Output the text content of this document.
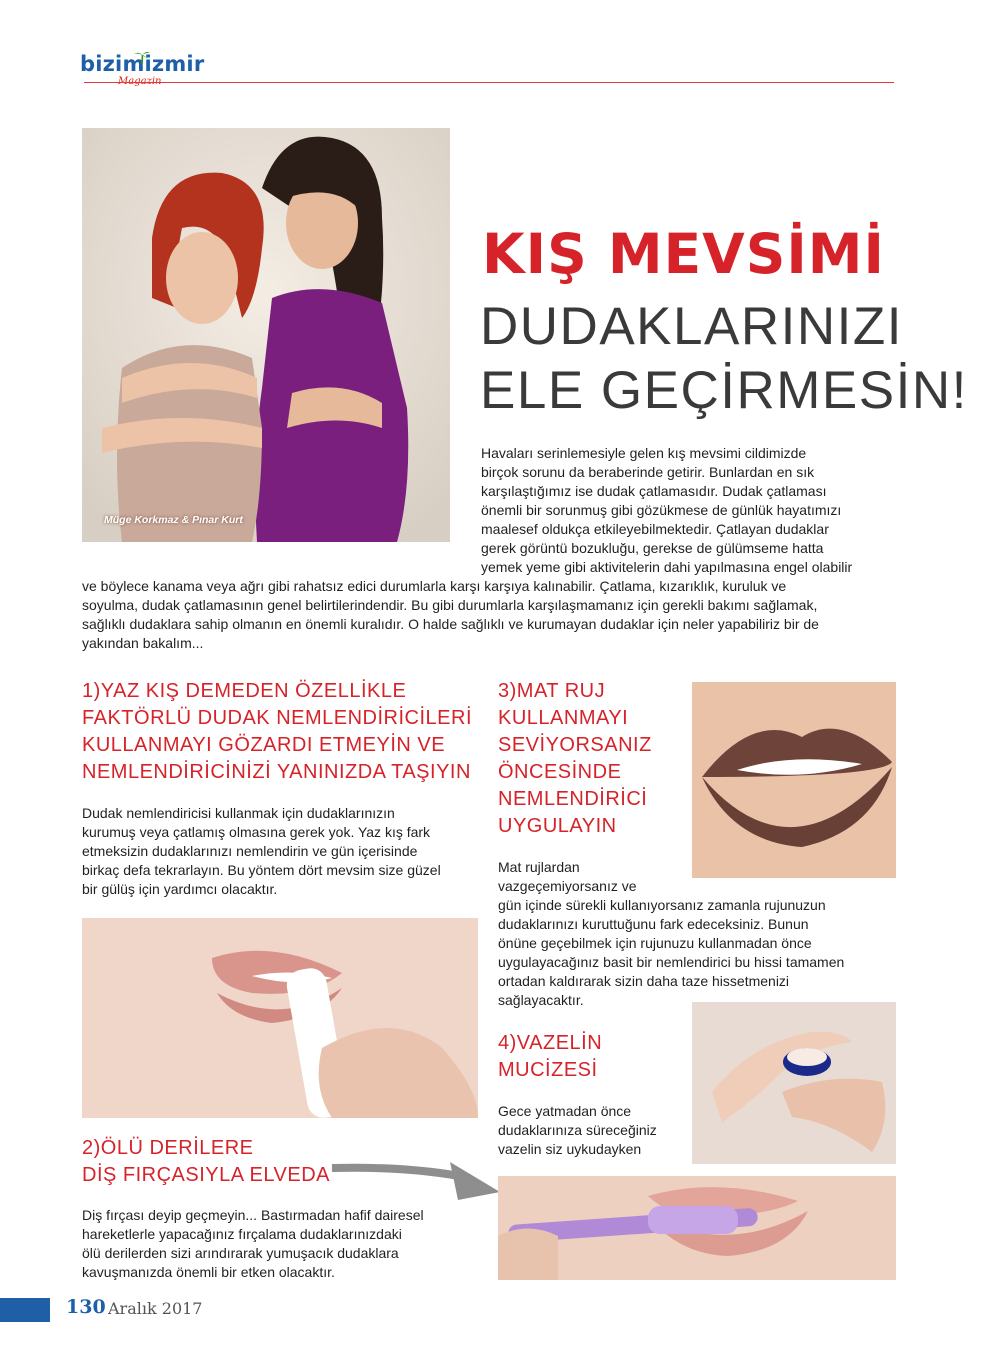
bizimizmir
Müge Korkmaz & Pınar Kurt
KIŞ MEVSİMİ
DUDAKLARINIZI
ELE GEÇİRMESİN!
Havaları serinlemesiyle gelen kış mevsimi cildimizde
birçok sorunu da beraberinde getirir. Bunlardan en sık
karşılaştığımız ise dudak çatlamasıdır. Dudak çatlaması
önemli bir sorunmuş gibi gözükmese de günlük hayatımızı
maalesef oldukça etkileyebilmektedir. Çatlayan dudaklar
gerek görüntü bozukluğu, gerekse de gülümseme hatta
yemek yeme gibi aktivitelerin dahi yapılmasına engel olabilir
ve böylece kanama veya ağrı gibi rahatsız edici durumlarla karşı karşıya kalınabilir. Çatlama, kızarıklık, kuruluk ve
soyulma, dudak çatlamasının genel belirtilerindendir. Bu gibi durumlarla karşılaşmamanız için gerekli bakımı sağlamak,
sağlıklı dudaklara sahip olmanın en önemli kuralıdır. O halde sağlıklı ve kurumayan dudaklar için neler yapabiliriz bir de
yakından bakalım...
1)YAZ KIŞ DEMEDEN ÖZELLİKLE
FAKTÖRLÜ DUDAK NEMLENDİRİCİLERİ
KULLANMAYI GÖZARDI ETMEYİN VE
NEMLENDİRİCİNİZİ YANINIZDA TAŞIYIN
Dudak nemlendiricisi kullanmak için dudaklarınızın
kurumuş veya çatlamış olmasına gerek yok. Yaz kış fark
etmeksizin dudaklarınızı nemlendirin ve gün içerisinde
birkaç defa tekrarlayın. Bu yöntem dört mevsim size güzel
bir gülüş için yardımcı olacaktır.
2)ÖLÜ DERİLERE
DİŞ FIRÇASIYLA ELVEDA
Diş fırçası deyip geçmeyin... Bastırmadan hafif dairesel
hareketlerle yapacağınız fırçalama dudaklarınızdaki
ölü derilerden sizi arındırarak yumuşacık dudaklara
kavuşmanızda önemli bir etken olacaktır.
3)MAT RUJ
KULLANMAYI
SEVİYORSANIZ
ÖNCESİNDE
NEMLENDİRİCİ
UYGULAYIN
Mat rujlardan
vazgeçemiyorsanız ve
gün içinde sürekli kullanıyorsanız zamanla rujunuzun
dudaklarınızı kuruttuğunu fark edeceksiniz. Bunun
önüne geçebilmek için rujunuzu kullanmadan önce
uygulayacağınız basit bir nemlendirici bu hissi tamamen
ortadan kaldırarak sizin daha taze hissetmenizi
sağlayacaktır.
4)VAZELİN
MUCİZESİ
Gece yatmadan önce
dudaklarınıza süreceğiniz
vazelin siz uykudayken
130 Aralık 2017
